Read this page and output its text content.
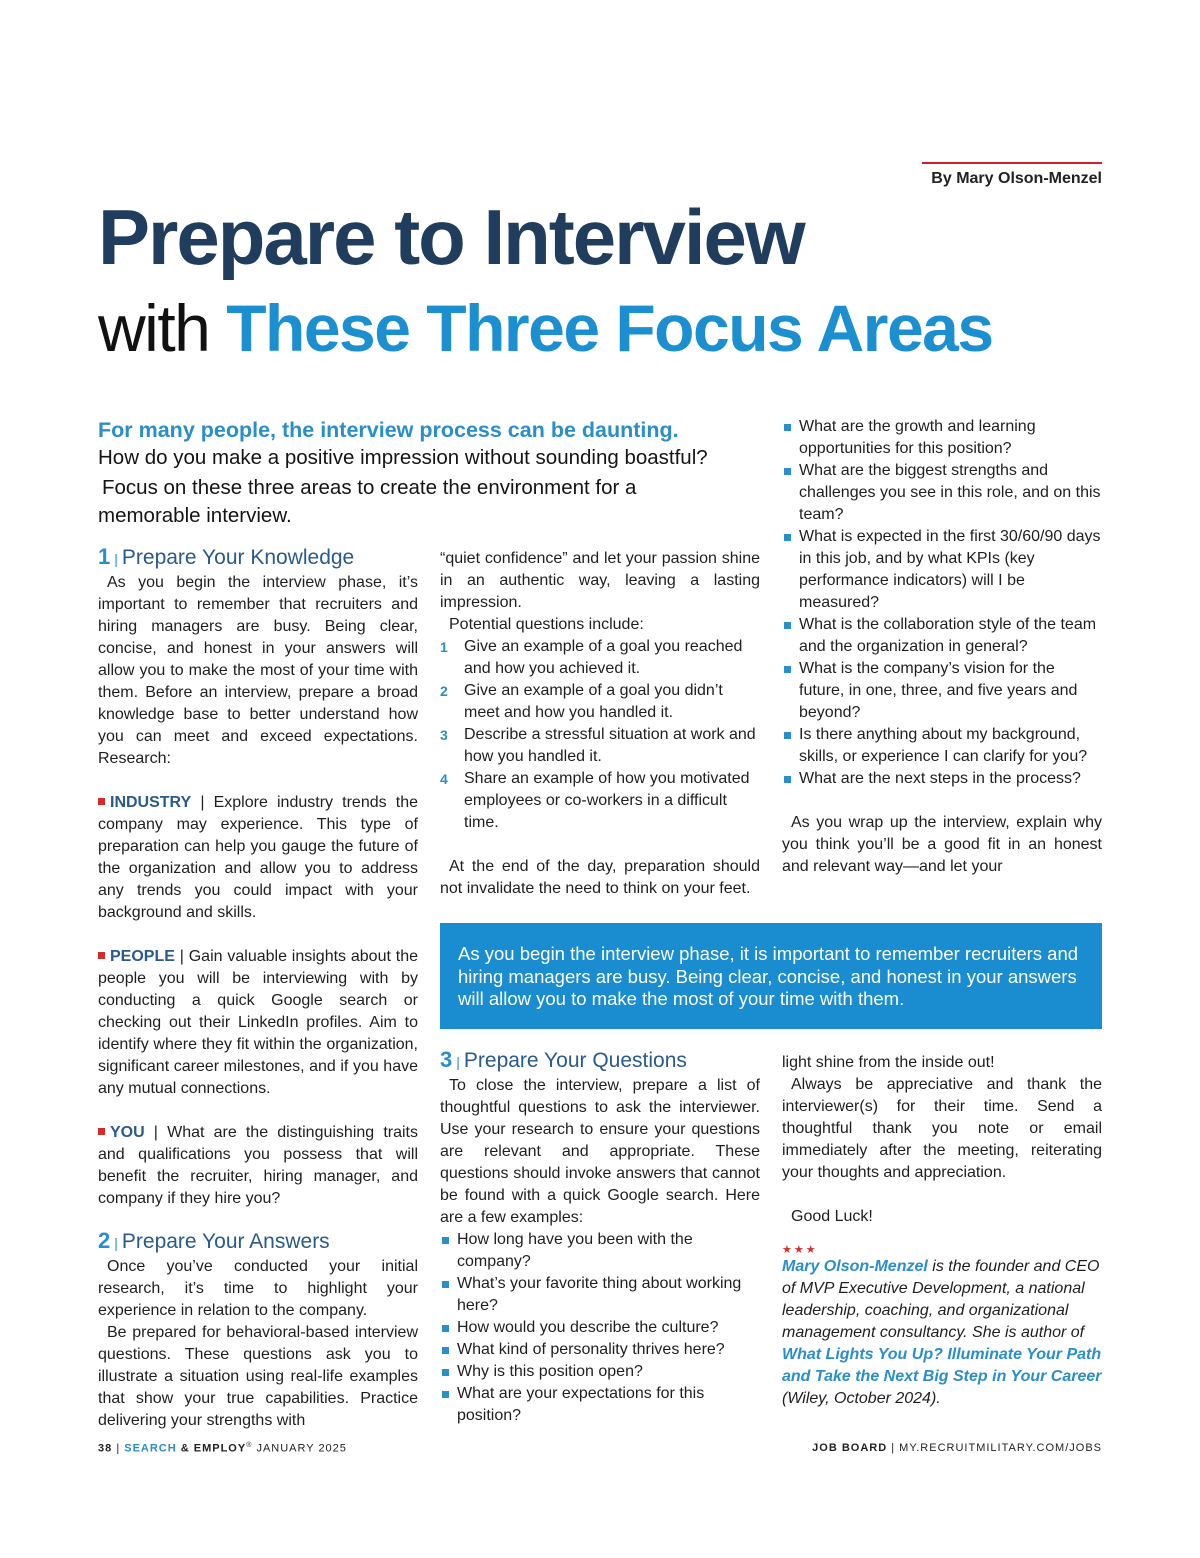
By Mary Olson-Menzel
Prepare to Interview
with These Three Focus Areas
For many people, the interview process can be daunting.
How do you make a positive impression without sounding boastful?
Focus on these three areas to create the environment for a memorable interview.
1 | Prepare Your Knowledge

As you begin the interview phase, it’s important to remember that recruiters and hiring managers are busy. Being clear, concise, and honest in your answers will allow you to make the most of your time with them. Before an interview, prepare a broad knowledge base to better understand how you can meet and exceed expectations. Research:

INDUSTRY | Explore industry trends the company may experience. This type of preparation can help you gauge the future of the organization and allow you to address any trends you could impact with your background and skills.

PEOPLE | Gain valuable insights about the people you will be interviewing with by conducting a quick Google search or checking out their LinkedIn profiles. Aim to identify where they fit within the organization, significant career milestones, and if you have any mutual connections.

YOU | What are the distinguishing traits and qualifications you possess that will benefit the recruiter, hiring manager, and company if they hire you?

2 | Prepare Your Answers

Once you’ve conducted your initial research, it’s time to highlight your experience in relation to the company.

Be prepared for behavioral-based interview questions. These questions ask you to illustrate a situation using real-life examples that show your true capabilities. Practice delivering your strengths with

“quiet confidence” and let your passion shine in an authentic way, leaving a lasting impression.

Potential questions include:

1 Give an example of a goal you reached and how you achieved it.
2 Give an example of a goal you didn’t meet and how you handled it.
3 Describe a stressful situation at work and how you handled it.
4 Share an example of how you motivated employees or co-workers in a difficult time.

At the end of the day, preparation should not invalidate the need to think on your feet.

What are the growth and learning opportunities for this position?
What are the biggest strengths and challenges you see in this role, and on this team?
What is expected in the first 30/60/90 days in this job, and by what KPIs (key performance indicators) will I be measured?
What is the collaboration style of the team and the organization in general?
What is the company’s vision for the future, in one, three, and five years and beyond?
Is there anything about my background, skills, or experience I can clarify for you?
What are the next steps in the process?

As you wrap up the interview, explain why you think you’ll be a good fit in an honest and relevant way—and let your

As you begin the interview phase, it is important to remember recruiters and hiring managers are busy. Being clear, concise, and honest in your answers will allow you to make the most of your time with them.
3 | Prepare Your Questions

To close the interview, prepare a list of thoughtful questions to ask the interviewer. Use your research to ensure your questions are relevant and appropriate. These questions should invoke answers that cannot be found with a quick Google search. Here are a few examples:

How long have you been with the company?
What’s your favorite thing about working here?
How would you describe the culture?
What kind of personality thrives here?
Why is this position open?
What are your expectations for this position?

light shine from the inside out!

Always be appreciative and thank the interviewer(s) for their time. Send a thoughtful thank you note or email immediately after the meeting, reiterating your thoughts and appreciation.

Good Luck!

★★★

Mary Olson-Menzel is the founder and CEO of MVP Executive Development, a national leadership, coaching, and organizational management consultancy. She is author of What Lights You Up? Illuminate Your Path and Take the Next Big Step in Your Career (Wiley, October 2024).

38 | SEARCH & EMPLOY® JANUARY 2025	JOB BOARD | MY.RECRUITMILITARY.COM/JOBS
